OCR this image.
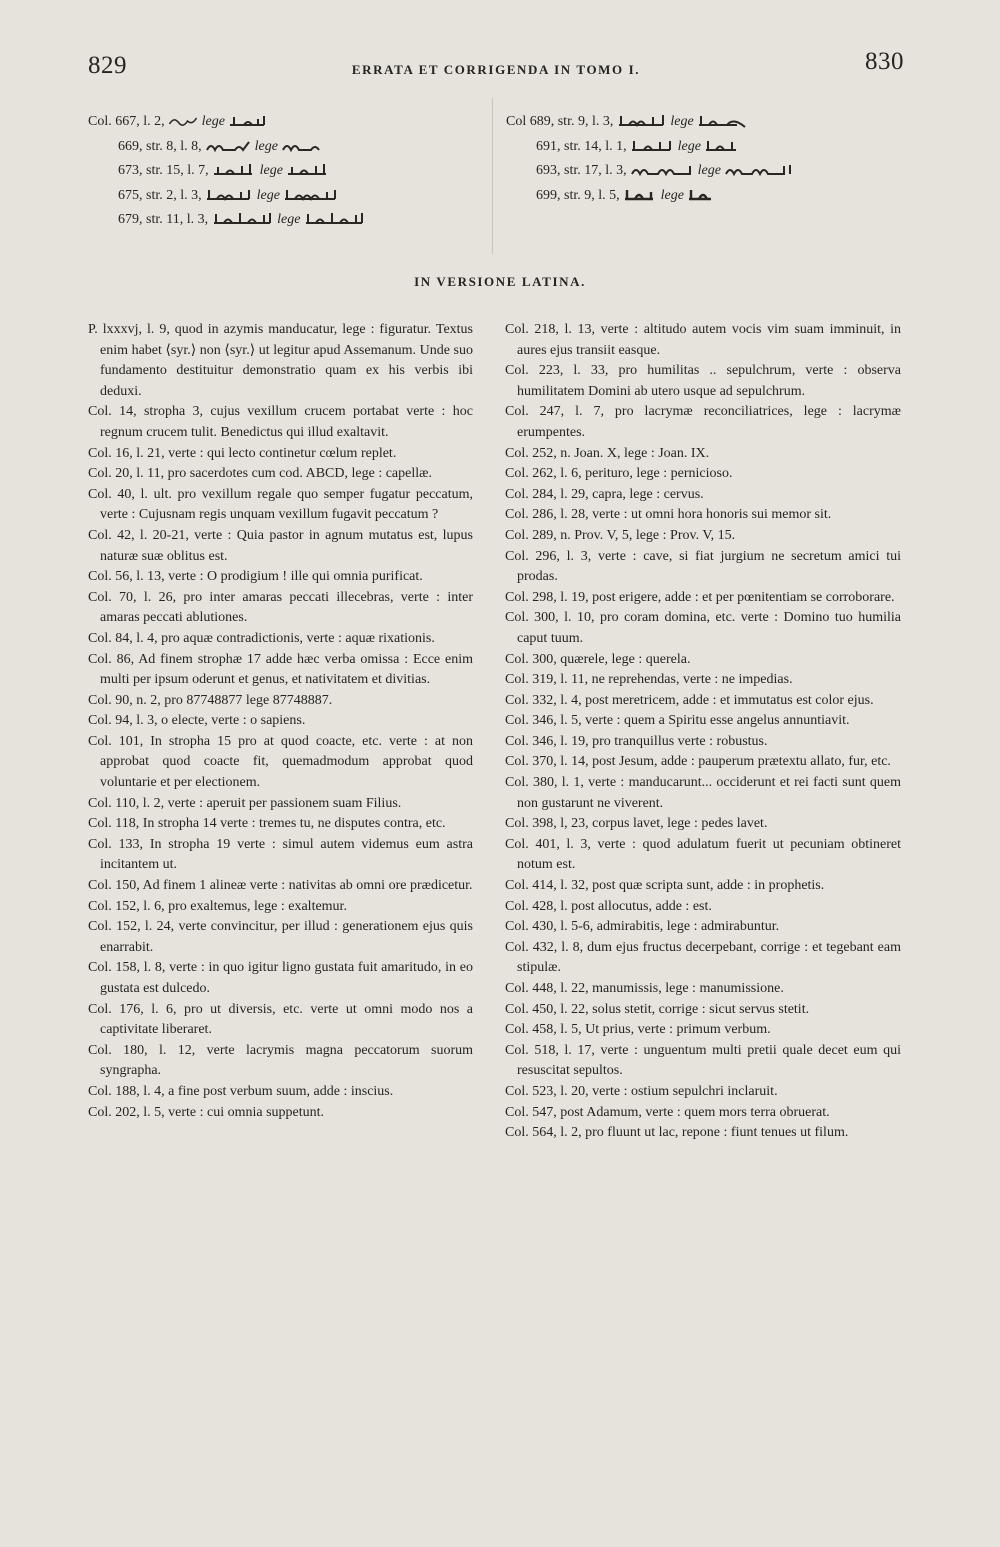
829	ERRATA ET CORRIGENDA IN TOMO I.	830
Col. 667, l. 2,	lege
669, str. 8, l. 8,	lege
673, str. 15, l. 7,	lege
675, str. 2, l. 3,	lege
679, str. 11, l. 3,	lege
Col 689, str. 9, l. 3,	lege
691, str. 14, l. 1,	lege
693, str. 17, l. 3,	lege
699, str. 9, l. 5,	lege
IN VERSIONE LATINA.

P. lxxxvj, l. 9, quod in azymis manducatur, lege : figuratur. Textus enim habet ⟨syr.⟩ non ⟨syr.⟩ ut legitur apud Assemanum. Unde suo fundamento destituitur demonstratio quam ex his verbis ibi deduxi.

Col. 14, stropha 3, cujus vexillum crucem portabat verte : hoc regnum crucem tulit. Benedictus qui illud exaltavit.

Col. 16, l. 21, verte : qui lecto continetur cœlum replet.

Col. 20, l. 11, pro sacerdotes cum cod. ABCD, lege : capellæ.

Col. 40, l. ult. pro vexillum regale quo semper fugatur peccatum, verte : Cujusnam regis unquam vexillum fugavit peccatum ?

Col. 42, l. 20-21, verte : Quia pastor in agnum mutatus est, lupus naturæ suæ oblitus est.

Col. 56, l. 13, verte : O prodigium ! ille qui omnia purificat.

Col. 70, l. 26, pro inter amaras peccati illecebras, verte : inter amaras peccati ablutiones.

Col. 84, l. 4, pro aquæ contradictionis, verte : aquæ rixationis.

Col. 86, Ad finem strophæ 17 adde hæc verba omissa : Ecce enim multi per ipsum oderunt et genus, et nativitatem et divitias.

Col. 90, n. 2, pro 87748877 lege 87748887.

Col. 94, l. 3, o electe, verte : o sapiens.

Col. 101, In stropha 15 pro at quod coacte, etc. verte : at non approbat quod coacte fit, quemadmodum approbat quod voluntarie et per electionem.

Col. 110, l. 2, verte : aperuit per passionem suam Filius.

Col. 118, In stropha 14 verte : tremes tu, ne disputes contra, etc.

Col. 133, In stropha 19 verte : simul autem videmus eum astra incitantem ut.

Col. 150, Ad finem 1 alineæ verte : nativitas ab omni ore prædicetur.

Col. 152, l. 6, pro exaltemus, lege : exaltemur.

Col. 152, l. 24, verte convincitur, per illud : generationem ejus quis enarrabit.

Col. 158, l. 8, verte : in quo igitur ligno gustata fuit amaritudo, in eo gustata est dulcedo.

Col. 176, l. 6, pro ut diversis, etc. verte ut omni modo nos a captivitate liberaret.

Col. 180, l. 12, verte lacrymis magna peccatorum suorum syngrapha.

Col. 188, l. 4, a fine post verbum suum, adde : inscius.

Col. 202, l. 5, verte : cui omnia suppetunt.

Col. 218, l. 13, verte : altitudo autem vocis vim suam imminuit, in aures ejus transiit easque.

Col. 223, l. 33, pro humilitas .. sepulchrum, verte : observa humilitatem Domini ab utero usque ad sepulchrum.

Col. 247, l. 7, pro lacrymæ reconciliatrices, lege : lacrymæ erumpentes.

Col. 252, n. Joan. X, lege : Joan. IX.

Col. 262, l. 6, perituro, lege : pernicioso.

Col. 284, l. 29, capra, lege : cervus.

Col. 286, l. 28, verte : ut omni hora honoris sui memor sit.

Col. 289, n. Prov. V, 5, lege : Prov. V, 15.

Col. 296, l. 3, verte : cave, si fiat jurgium ne secretum amici tui prodas.

Col. 298, l. 19, post erigere, adde : et per pœnitentiam se corroborare.

Col. 300, l. 10, pro coram domina, etc. verte : Domino tuo humilia caput tuum.

Col. 300, quærele, lege : querela.

Col. 319, l. 11, ne reprehendas, verte : ne impedias.

Col. 332, l. 4, post meretricem, adde : et immutatus est color ejus.

Col. 346, l. 5, verte : quem a Spiritu esse angelus annuntiavit.

Col. 346, l. 19, pro tranquillus verte : robustus.

Col. 370, l. 14, post Jesum, adde : pauperum prætextu allato, fur, etc.

Col. 380, l. 1, verte : manducarunt... occiderunt et rei facti sunt quem non gustarunt ne viverent.

Col. 398, l, 23, corpus lavet, lege : pedes lavet.

Col. 401, l. 3, verte : quod adulatum fuerit ut pecuniam obtineret notum est.

Col. 414, l. 32, post quæ scripta sunt, adde : in prophetis.

Col. 428, l. post allocutus, adde : est.

Col. 430, l. 5-6, admirabitis, lege : admirabuntur.

Col. 432, l. 8, dum ejus fructus decerpebant, corrige : et tegebant eam stipulæ.

Col. 448, l. 22, manumissis, lege : manumissione.

Col. 450, l. 22, solus stetit, corrige : sicut servus stetit.

Col. 458, l. 5, Ut prius, verte : primum verbum.

Col. 518, l. 17, verte : unguentum multi pretii quale decet eum qui resuscitat sepultos.

Col. 523, l. 20, verte : ostium sepulchri inclaruit.

Col. 547, post Adamum, verte : quem mors terra obruerat.

Col. 564, l. 2, pro fluunt ut lac, repone : fiunt tenues ut filum.
